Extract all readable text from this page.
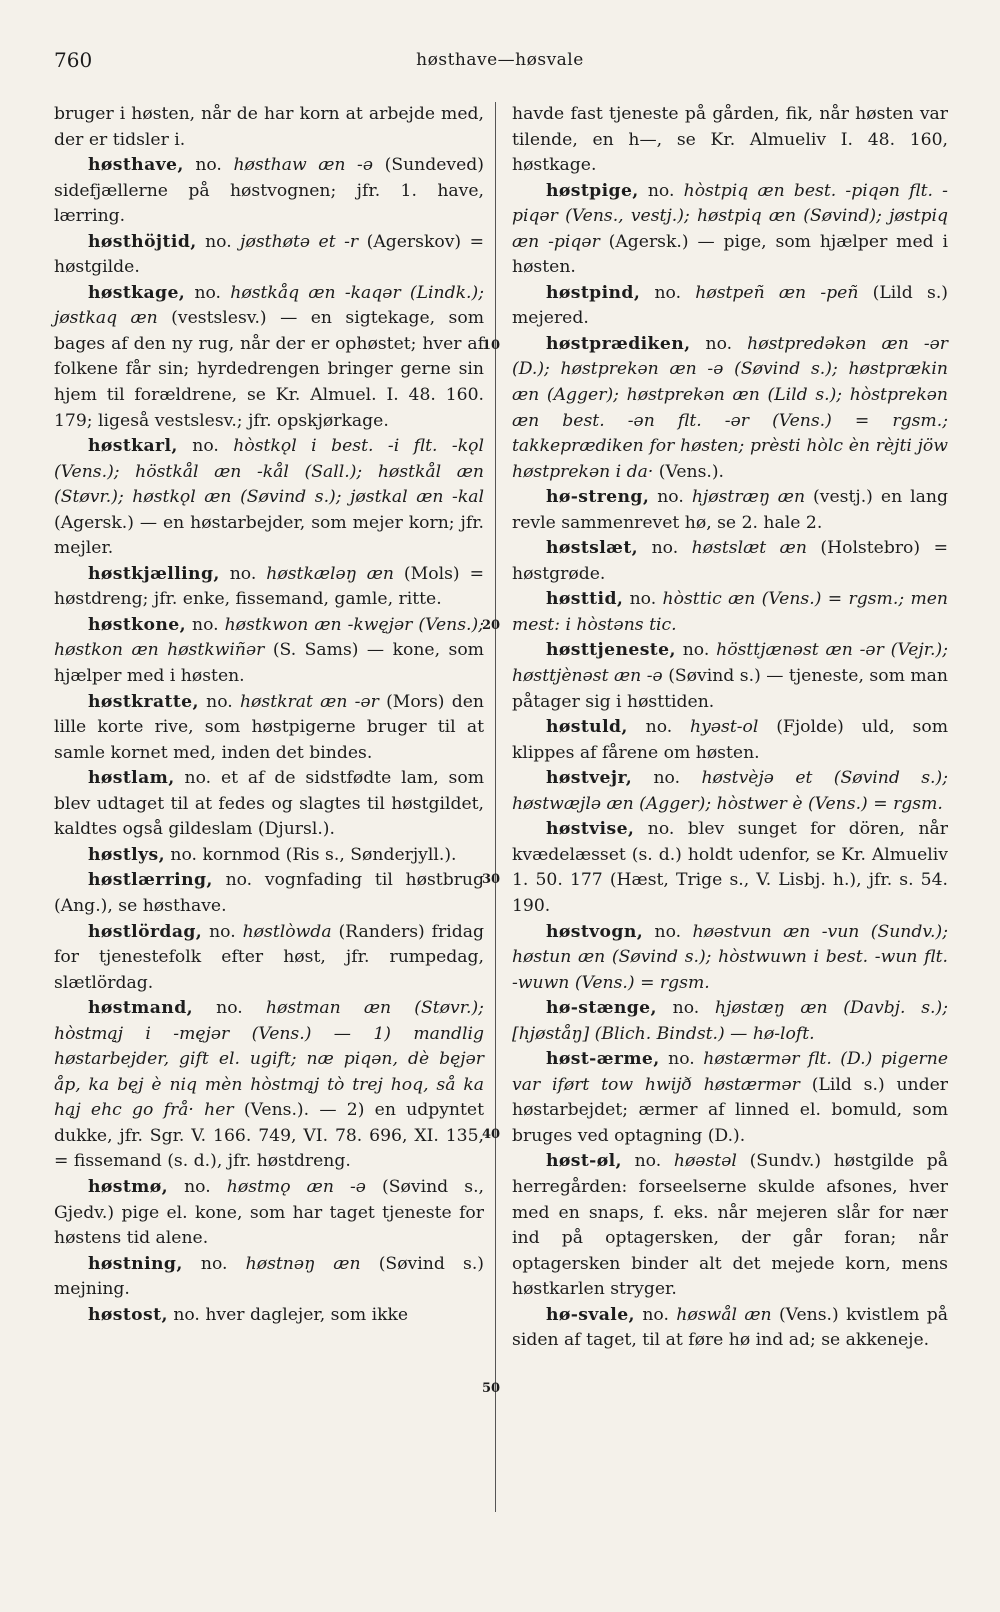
760	høsthave—høsvale

bruger i høsten, når de har korn at arbejde med, der er tidsler i.

høsthave, no. høsthaw æn -ə (Sundeved) sidefjællerne på høstvognen; jfr. 1. have, lærring.

høsthöjtid, no. jøsthøtə et -r (Agerskov) = høstgilde.

høstkage, no. høstkåq æn -kaqər (Lindk.); jøstkaq æn (vestslesv.) — en sigtekage, som bages af den ny rug, når der er ophøstet; hver af folkene får sin; hyrdedrengen bringer gerne sin hjem til forældrene, se Kr. Almuel. I. 48. 160. 179; ligeså vestslesv.; jfr. opskjørkage.

høstkarl, no. hòstkǫl i best. -i flt. -kǫl (Vens.); höstkål æn -kål (Sall.); høstkål æn (Støvr.); høstkǫl æn (Søvind s.); jøstkal æn -kal (Agersk.) — en høstarbejder, som mejer korn; jfr. mejler.

høstkjælling, no. høstkæləŋ æn (Mols) = høstdreng; jfr. enke, fissemand, gamle, ritte.

høstkone, no. høstkwon æn -kwęjər (Vens.); høstkon æn høstkwiñər (S. Sams) — kone, som hjælper med i høsten.

høstkratte, no. høstkrat æn -ər (Mors) den lille korte rive, som høstpigerne bruger til at samle kornet med, inden det bindes.

høstlam, no. et af de sidstfødte lam, som blev udtaget til at fedes og slagtes til høstgildet, kaldtes også gildeslam (Djursl.).

høstlys, no. kornmod (Ris s., Sønderjyll.).

høstlærring, no. vognfading til høstbrug (Ang.), se høsthave.

høstlördag, no. høstlòwda (Randers) fridag for tjenestefolk efter høst, jfr. rumpedag, slætlördag.

høstmand, no. høstman æn (Støvr.); hòstmąj i -męjər (Vens.) — 1) mandlig høstarbejder, gift el. ugift; næ piqən, dè bęjər åp, ka bęj è niq mèn hòstmąj tò trej hoq, så ka hąj ehc go frå· her (Vens.). — 2) en udpyntet dukke, jfr. Sgr. V. 166. 749, VI. 78. 696, XI. 135, = fissemand (s. d.), jfr. høstdreng.

høstmø, no. høstmǫ æn -ə (Søvind s., Gjedv.) pige el. kone, som har taget tjeneste for høstens tid alene.

høstning, no. høstnəŋ æn (Søvind s.) mejning.

høstost, no. hver daglejer, som ikke

havde fast tjeneste på gården, fik, når høsten var tilende, en h—, se Kr. Almueliv I. 48. 160, høstkage.

høstpige, no. hòstpiq æn best. -piqən flt. -piqər (Vens., vestj.); høstpiq æn (Søvind); jøstpiq æn -piqər (Agersk.) — pige, som hjælper med i høsten.

høstpind, no. høstpeñ æn -peñ (Lild s.) mejered.

høstprædiken, no. høstpredəkən æn -ər (D.); høstprekən æn -ə (Søvind s.); høstprækin æn (Agger); høstprekən æn (Lild s.); hòstprekən æn best. -ən flt. -ər (Vens.) = rgsm.; takkeprædiken for høsten; prèsti hòlc èn rèjti jöw høstprekən i da· (Vens.).

hø-streng, no. hjøstræŋ æn (vestj.) en lang revle sammenrevet hø, se 2. hale 2.

høstslæt, no. høstslæt æn (Holstebro) = høstgrøde.

høsttid, no. hòsttic æn (Vens.) = rgsm.; men mest: i hòstəns tic.

høsttjeneste, no. hösttjænəst æn -ər (Vejr.); høsttjènəst æn -ə (Søvind s.) — tjeneste, som man påtager sig i høsttiden.

høstuld, no. hyəst-ol (Fjolde) uld, som klippes af fårene om høsten.

høstvejr, no. høstvèjə et (Søvind s.); høstwæjlə æn (Agger); hòstwer è (Vens.) = rgsm.

høstvise, no. blev sunget for dören, når kvædelæsset (s. d.) holdt udenfor, se Kr. Almueliv 1. 50. 177 (Hæst, Trige s., V. Lisbj. h.), jfr. s. 54. 190.

høstvogn, no. høəstvun æn -vun (Sundv.); høstun æn (Søvind s.); hòstwuwn i best. -wun flt. -wuwn (Vens.) = rgsm.

hø-stænge, no. hjøstæŋ æn (Davbj. s.); [hjøståŋ] (Blich. Bindst.) — hø-loft.

høst-ærme, no. høstærmər flt. (D.) pigerne var iført tow hwijð høstærmər (Lild s.) under høstarbejdet; ærmer af linned el. bomuld, som bruges ved optagning (D.).

høst-øl, no. høəstəl (Sundv.) høstgilde på herregården: forseelserne skulde afsones, hver med en snaps, f. eks. når mejeren slår for nær ind på optagersken, der går foran; når optagersken binder alt det mejede korn, mens høstkarlen stryger.

hø-svale, no. høswål æn (Vens.) kvistlem på siden af taget, til at føre hø ind ad; se akkeneje.

10
20
30
40
50
